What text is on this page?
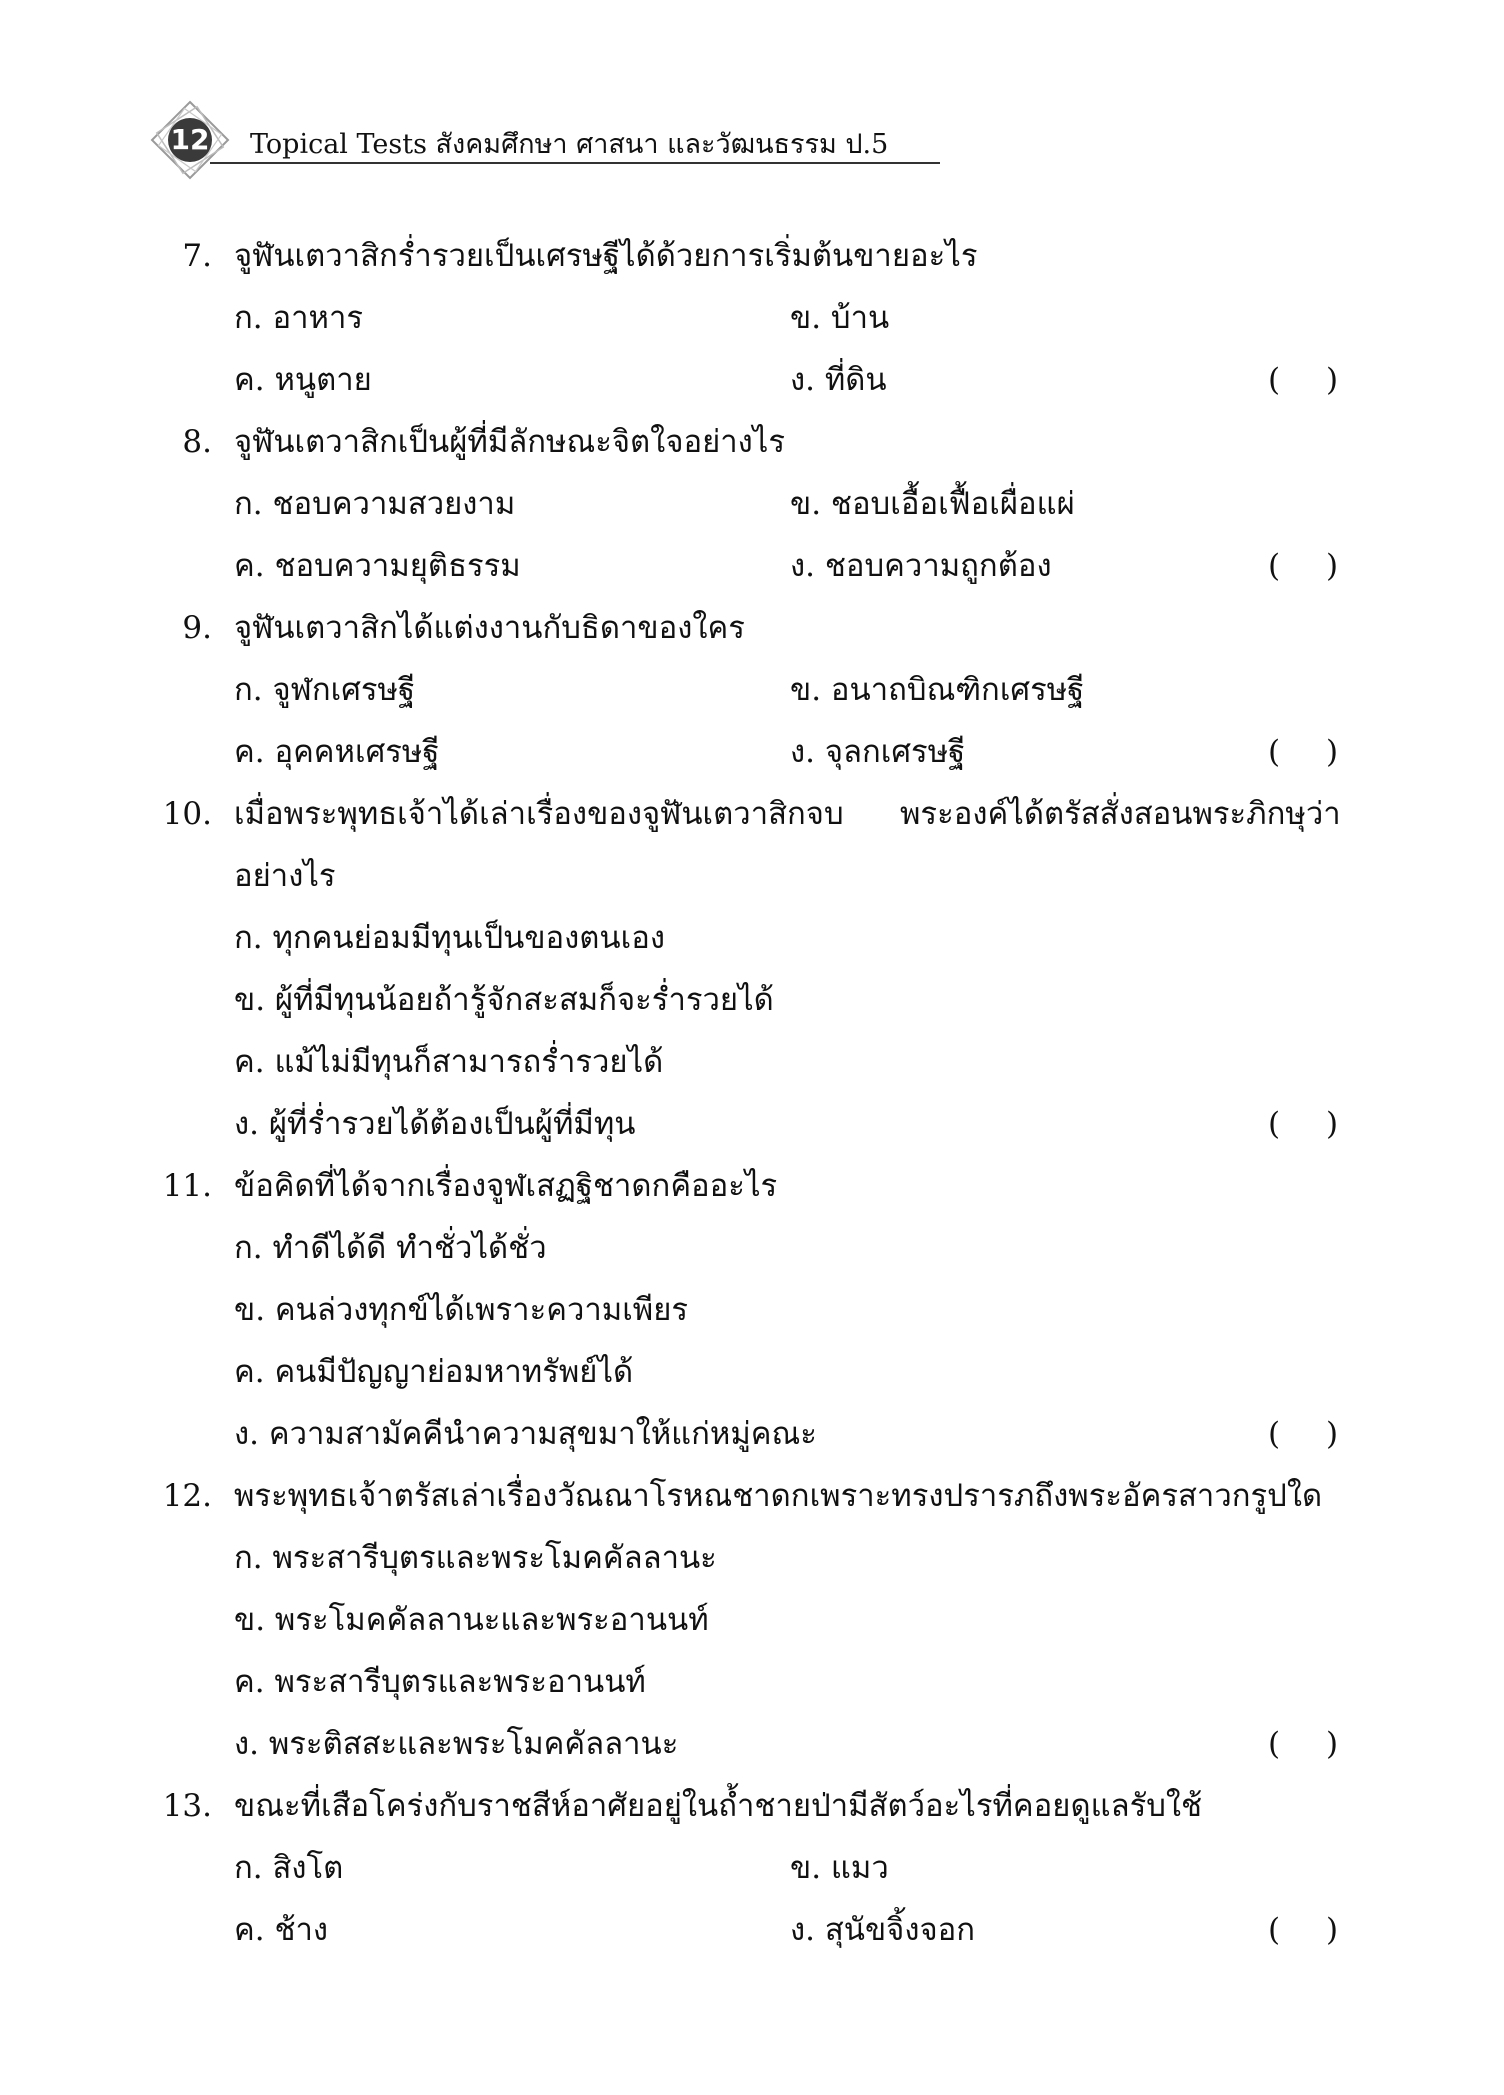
12	Topical Tests สังคมศึกษา ศาสนา และวัฒนธรรม ป.5
7. จูฬันเตวาสิกร่ำรวยเป็นเศรษฐีได้ด้วยการเริ่มต้นขายอะไร
ก. อาหาร	ข. บ้าน
ค. หนูตาย	ง. ที่ดิน	( )
8. จูฬันเตวาสิกเป็นผู้ที่มีลักษณะจิตใจอย่างไร
ก. ชอบความสวยงาม	ข. ชอบเอื้อเฟื้อเผื่อแผ่
ค. ชอบความยุติธรรม	ง. ชอบความถูกต้อง	( )
9. จูฬันเตวาสิกได้แต่งงานกับธิดาของใคร
ก. จูฬกเศรษฐี	ข. อนาถบิณฑิกเศรษฐี
ค. อุคคหเศรษฐี	ง. จุลกเศรษฐี	( )
10. เมื่อพระพุทธเจ้าได้เล่าเรื่องของจูฬันเตวาสิกจบ พระองค์ได้ตรัสสั่งสอนพระภิกษุว่า
อย่างไร
ก. ทุกคนย่อมมีทุนเป็นของตนเอง
ข. ผู้ที่มีทุนน้อยถ้ารู้จักสะสมก็จะร่ำรวยได้
ค. แม้ไม่มีทุนก็สามารถร่ำรวยได้
ง. ผู้ที่ร่ำรวยได้ต้องเป็นผู้ที่มีทุน	( )
11. ข้อคิดที่ได้จากเรื่องจูฬเสฏฐิชาดกคืออะไร
ก. ทำดีได้ดี ทำชั่วได้ชั่ว
ข. คนล่วงทุกข์ได้เพราะความเพียร
ค. คนมีปัญญาย่อมหาทรัพย์ได้
ง. ความสามัคคีนำความสุขมาให้แก่หมู่คณะ	( )
12. พระพุทธเจ้าตรัสเล่าเรื่องวัณณาโรหณชาดกเพราะทรงปรารภถึงพระอัครสาวกรูปใด
ก. พระสารีบุตรและพระโมคคัลลานะ
ข. พระโมคคัลลานะและพระอานนท์
ค. พระสารีบุตรและพระอานนท์
ง. พระติสสะและพระโมคคัลลานะ	( )
13. ขณะที่เสือโคร่งกับราชสีห์อาศัยอยู่ในถ้ำชายป่ามีสัตว์อะไรที่คอยดูแลรับใช้
ก. สิงโต	ข. แมว
ค. ช้าง	ง. สุนัขจิ้งจอก	( )
